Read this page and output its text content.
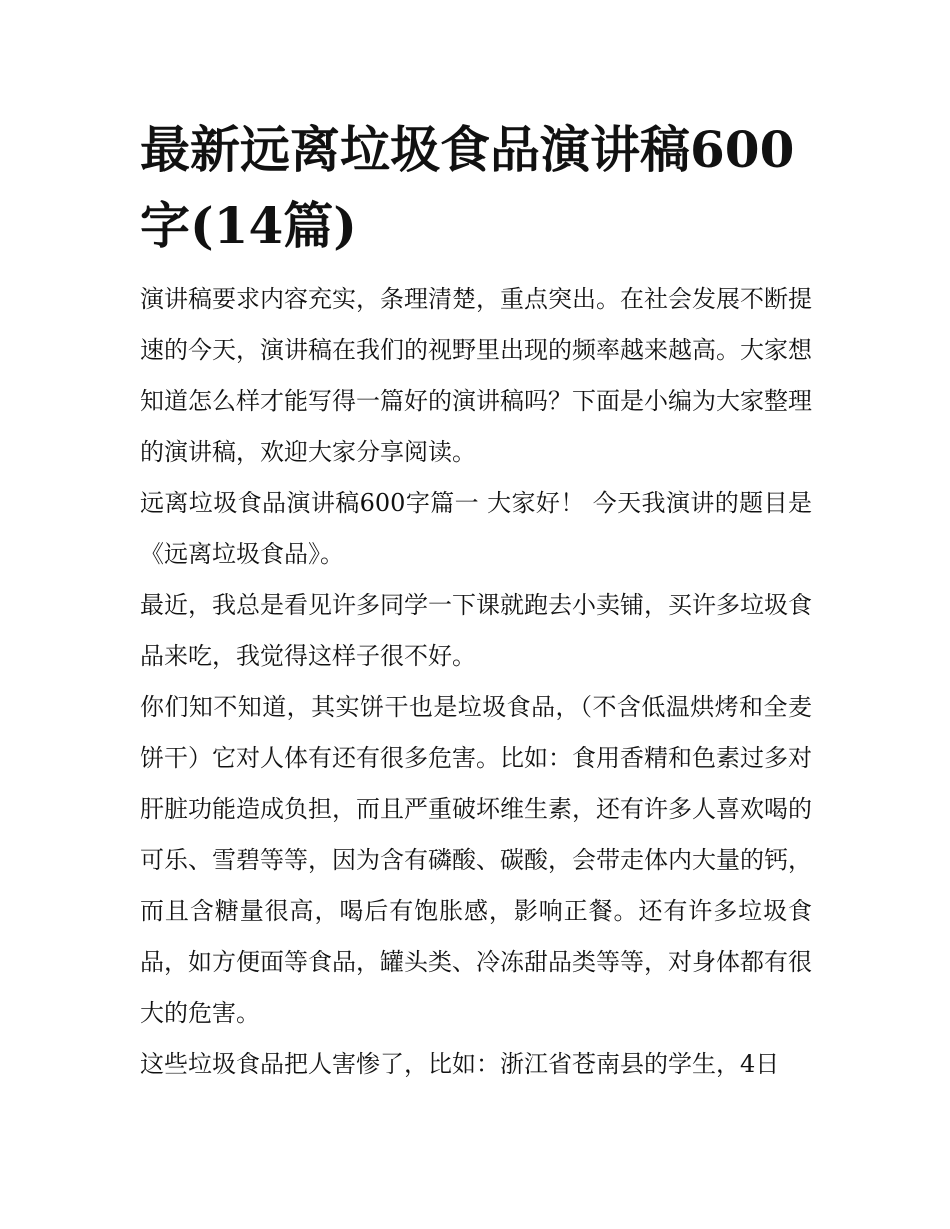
最新远离垃圾食品演讲稿600字(14篇)

演讲稿要求内容充实，条理清楚，重点突出。在社会发展不断提速的今天，演讲稿在我们的视野里出现的频率越来越高。大家想知道怎么样才能写得一篇好的演讲稿吗？下面是小编为大家整理的演讲稿，欢迎大家分享阅读。

远离垃圾食品演讲稿600字篇一 大家好！ 今天我演讲的题目是《远离垃圾食品》。

最近，我总是看见许多同学一下课就跑去小卖铺，买许多垃圾食品来吃，我觉得这样子很不好。

你们知不知道，其实饼干也是垃圾食品，（不含低温烘烤和全麦饼干）它对人体有还有很多危害。比如：食用香精和色素过多对肝脏功能造成负担，而且严重破坏维生素，还有许多人喜欢喝的可乐、雪碧等等，因为含有磷酸、碳酸，会带走体内大量的钙，而且含糖量很高，喝后有饱胀感，影响正餐。还有许多垃圾食品，如方便面等食品，罐头类、冷冻甜品类等等，对身体都有很大的危害。

这些垃圾食品把人害惨了，比如：浙江省苍南县的学生，4日
